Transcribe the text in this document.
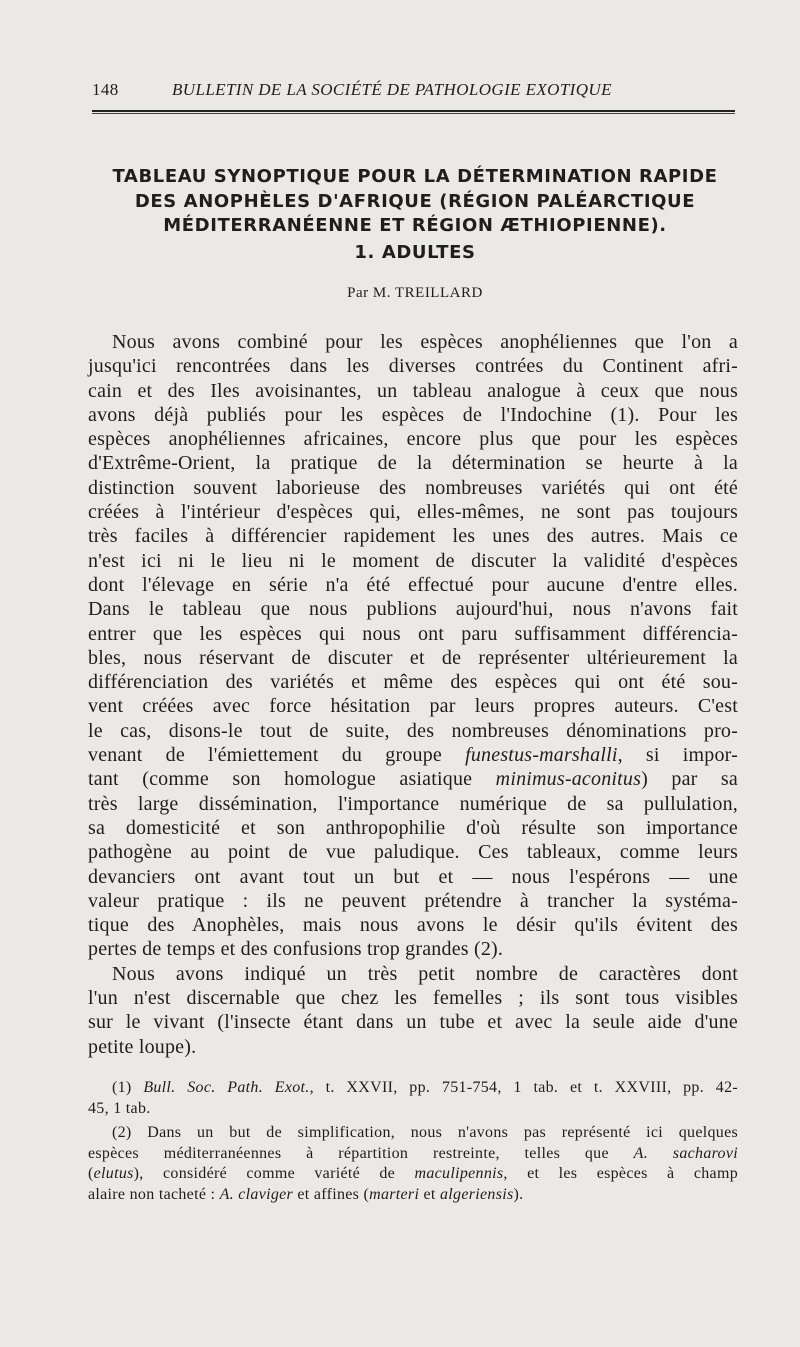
148	BULLETIN DE LA SOCIÉTÉ DE PATHOLOGIE EXOTIQUE
TABLEAU SYNOPTIQUE POUR LA DÉTERMINATION RAPIDE
DES ANOPHÈLES D'AFRIQUE (RÉGION PALÉARCTIQUE
MÉDITERRANÉENNE ET RÉGION ÆTHIOPIENNE).
1. ADULTES
Par M. TREILLARD
Nous avons combiné pour les espèces anophéliennes que l'on a
jusqu'ici rencontrées dans les diverses contrées du Continent afri-
cain et des Iles avoisinantes, un tableau analogue à ceux que nous
avons déjà publiés pour les espèces de l'Indochine (1). Pour les
espèces anophéliennes africaines, encore plus que pour les espèces
d'Extrême-Orient, la pratique de la détermination se heurte à la
distinction souvent laborieuse des nombreuses variétés qui ont été
créées à l'intérieur d'espèces qui, elles-mêmes, ne sont pas toujours
très faciles à différencier rapidement les unes des autres. Mais ce
n'est ici ni le lieu ni le moment de discuter la validité d'espèces
dont l'élevage en série n'a été effectué pour aucune d'entre elles.
Dans le tableau que nous publions aujourd'hui, nous n'avons fait
entrer que les espèces qui nous ont paru suffisamment différencia-
bles, nous réservant de discuter et de représenter ultérieurement la
différenciation des variétés et même des espèces qui ont été sou-
vent créées avec force hésitation par leurs propres auteurs. C'est
le cas, disons-le tout de suite, des nombreuses dénominations pro-
venant de l'émiettement du groupe funestus-marshalli, si impor-
tant (comme son homologue asiatique minimus-aconitus) par sa
très large dissémination, l'importance numérique de sa pullulation,
sa domesticité et son anthropophilie d'où résulte son importance
pathogène au point de vue paludique. Ces tableaux, comme leurs
devanciers ont avant tout un but et — nous l'espérons — une
valeur pratique : ils ne peuvent prétendre à trancher la systéma-
tique des Anophèles, mais nous avons le désir qu'ils évitent des
pertes de temps et des confusions trop grandes (2).
Nous avons indiqué un très petit nombre de caractères dont
l'un n'est discernable que chez les femelles ; ils sont tous visibles
sur le vivant (l'insecte étant dans un tube et avec la seule aide d'une
petite loupe).
(1) Bull. Soc. Path. Exot., t. XXVII, pp. 751-754, 1 tab. et t. XXVIII, pp. 42-
45, 1 tab.
(2) Dans un but de simplification, nous n'avons pas représenté ici quelques
espèces méditerranéennes à répartition restreinte, telles que A. sacharovi
(elutus), considéré comme variété de maculipennis, et les espèces à champ
alaire non tacheté : A. claviger et affines (marteri et algeriensis).
